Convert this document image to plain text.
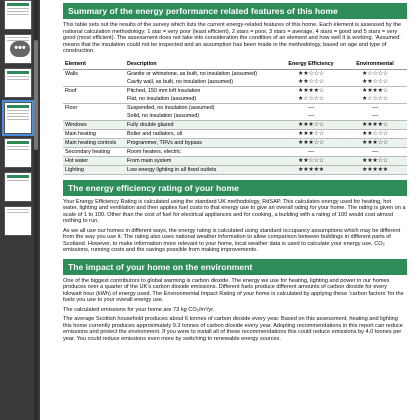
•••
Summary of the energy performance related features of this home

This table sets out the results of the survey which lists the current energy-related features of this home. Each element is assessed by the national calculation methodology; 1 star = very poor (least efficient), 2 stars = poor, 3 stars = average, 4 stars = good and 5 stars = very good (most efficient). The assessment does not take into consideration the condition of an element and how well it is working. ‘Assumed’ means that the insulation could not be inspected and an assumption has been made in the methodology, based on age and type of construction.

Element	Description	Energy Efficiency	Environmental
Walls	Granite or whinstone, as built, no insulation (assumed)	★★☆☆☆	★☆☆☆☆
	Cavity wall, as built, no insulation (assumed)	★★☆☆☆	★★☆☆☆
Roof	Pitched, 150 mm loft insulation	★★★★☆	★★★★☆
	Flat, no insulation (assumed)	★☆☆☆☆	★☆☆☆☆
Floor	Suspended, no insulation (assumed)	—	—
	Solid, no insulation (assumed)	—	—
Windows	Fully double glazed	★★★☆☆	★★★★☆
Main heating	Boiler and radiators, oil	★★★☆☆	★★☆☆☆
Main heating controls	Programmer, TRVs and bypass	★★★☆☆	★★★☆☆
Secondary heating	Room heaters, electric	—	—
Hot water	From main system	★★☆☆☆	★★★☆☆
Lighting	Low energy lighting in all fixed outlets	★★★★★	★★★★★
The energy efficiency rating of your home

Your Energy Efficiency Rating is calculated using the standard UK methodology, RdSAP. This calculates energy used for heating, hot water, lighting and ventilation and then applies fuel costs to that energy use to give an overall rating for your home. The rating is given on a scale of 1 to 100. Other than the cost of fuel for electrical appliances and for cooking, a building with a rating of 100 would cost almost nothing to run.

As we all use our homes in different ways, the energy rating is calculated using standard occupancy assumptions which may be different from the way you use it. The rating also uses national weather information to allow comparison between buildings in different parts of Scotland. However, to make information more relevant to your home, local weather data is used to calculate your energy use, CO₂ emissions, running costs and the savings possible from making improvements.

The impact of your home on the environment

One of the biggest contributors to global warming is carbon dioxide. The energy we use for heating, lighting and power in our homes produces over a quarter of the UK’s carbon dioxide emissions. Different fuels produce different amounts of carbon dioxide for every kilowatt hour (kWh) of energy used. The Environmental Impact Rating of your home is calculated by applying these ‘carbon factors’ for the fuels you use to your overall energy use.

The calculated emissions for your home are 73 kg CO₂/m²/yr.

The average Scottish household produces about 6 tonnes of carbon dioxide every year. Based on this assessment, heating and lighting this home currently produces approximately 9.3 tonnes of carbon dioxide every year. Adopting recommendations in this report can reduce emissions and protect the environment. If you were to install all of these recommendations this could reduce emissions by 4.0 tonnes per year. You could reduce emissions even more by switching to renewable energy sources.
